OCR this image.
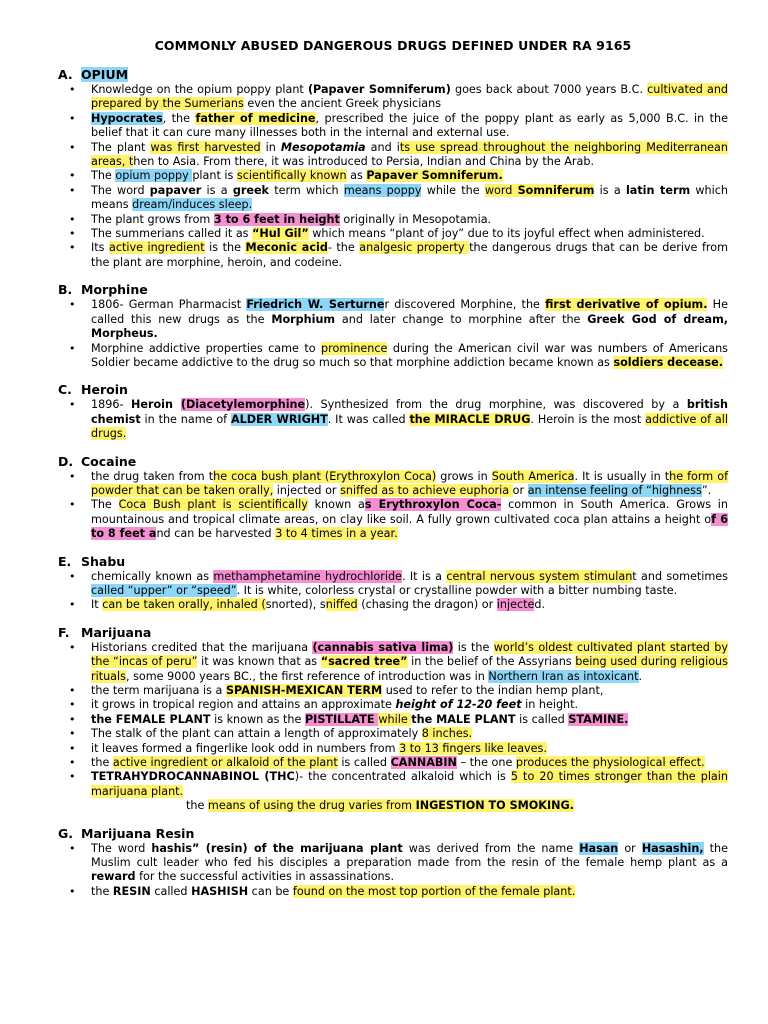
COMMONLY ABUSED DANGEROUS DRUGS DEFINED UNDER RA 9165
A. OPIUM
• Knowledge on the opium poppy plant (Papaver Somniferum) goes back about 7000 years B.C. cultivated and prepared by the Sumerians even the ancient Greek physicians
• Hypocrates, the father of medicine, prescribed the juice of the poppy plant as early as 5,000 B.C. in the belief that it can cure many illnesses both in the internal and external use.
• The plant was first harvested in Mesopotamia and its use spread throughout the neighboring Mediterranean areas, then to Asia. From there, it was introduced to Persia, Indian and China by the Arab.
• The opium poppy plant is scientifically known as Papaver Somniferum.
• The word papaver is a greek term which means poppy while the word Somniferum is a latin term which means dream/induces sleep.
• The plant grows from 3 to 6 feet in height originally in Mesopotamia.
• The summerians called it as “Hul Gil” which means “plant of joy” due to its joyful effect when administered.
• Its active ingredient is the Meconic acid- the analgesic property the dangerous drugs that can be derive from the plant are morphine, heroin, and codeine.
B. Morphine
• 1806- German Pharmacist Friedrich W. Serturner discovered Morphine, the first derivative of opium. He called this new drugs as the Morphium and later change to morphine after the Greek God of dream, Morpheus.
• Morphine addictive properties came to prominence during the American civil war was numbers of Americans Soldier became addictive to the drug so much so that morphine addiction became known as soldiers decease.
C. Heroin
• 1896- Heroin (Diacetylemorphine). Synthesized from the drug morphine, was discovered by a british chemist in the name of ALDER WRIGHT. It was called the MIRACLE DRUG. Heroin is the most addictive of all drugs.
D. Cocaine
• the drug taken from the coca bush plant (Erythroxylon Coca) grows in South America. It is usually in the form of powder that can be taken orally, injected or sniffed as to achieve euphoria or an intense feeling of “highness”.
• The Coca Bush plant is scientifically known as Erythroxylon Coca- common in South America. Grows in mountainous and tropical climate areas, on clay like soil. A fully grown cultivated coca plan attains a height of 6 to 8 feet and can be harvested 3 to 4 times in a year.
E. Shabu
• chemically known as methamphetamine hydrochloride. It is a central nervous system stimulant and sometimes called “upper” or “speed”. It is white, colorless crystal or crystalline powder with a bitter numbing taste.
• It can be taken orally, inhaled (snorted), sniffed (chasing the dragon) or injected.
F. Marijuana
• Historians credited that the marijuana (cannabis sativa lima) is the world’s oldest cultivated plant started by the “incas of peru” it was known that as “sacred tree” in the belief of the Assyrians being used during religious rituals, some 9000 years BC., the first reference of introduction was in Northern Iran as intoxicant.
• the term marijuana is a SPANISH-MEXICAN TERM used to refer to the indian hemp plant,
• it grows in tropical region and attains an approximate height of 12-20 feet in height.
• the FEMALE PLANT is known as the PISTILLATE while the MALE PLANT is called STAMINE.
• The stalk of the plant can attain a length of approximately 8 inches.
• it leaves formed a fingerlike look odd in numbers from 3 to 13 fingers like leaves.
• the active ingredient or alkaloid of the plant is called CANNABIN – the one produces the physiological effect.
• TETRAHYDROCANNABINOL (THC)- the concentrated alkaloid which is 5 to 20 times stronger than the plain marijuana plant.
the means of using the drug varies from INGESTION TO SMOKING.
G. Marijuana Resin
• The word hashis” (resin) of the marijuana plant was derived from the name Hasan or Hasashin, the Muslim cult leader who fed his disciples a preparation made from the resin of the female hemp plant as a reward for the successful activities in assassinations.
• the RESIN called HASHISH can be found on the most top portion of the female plant.
